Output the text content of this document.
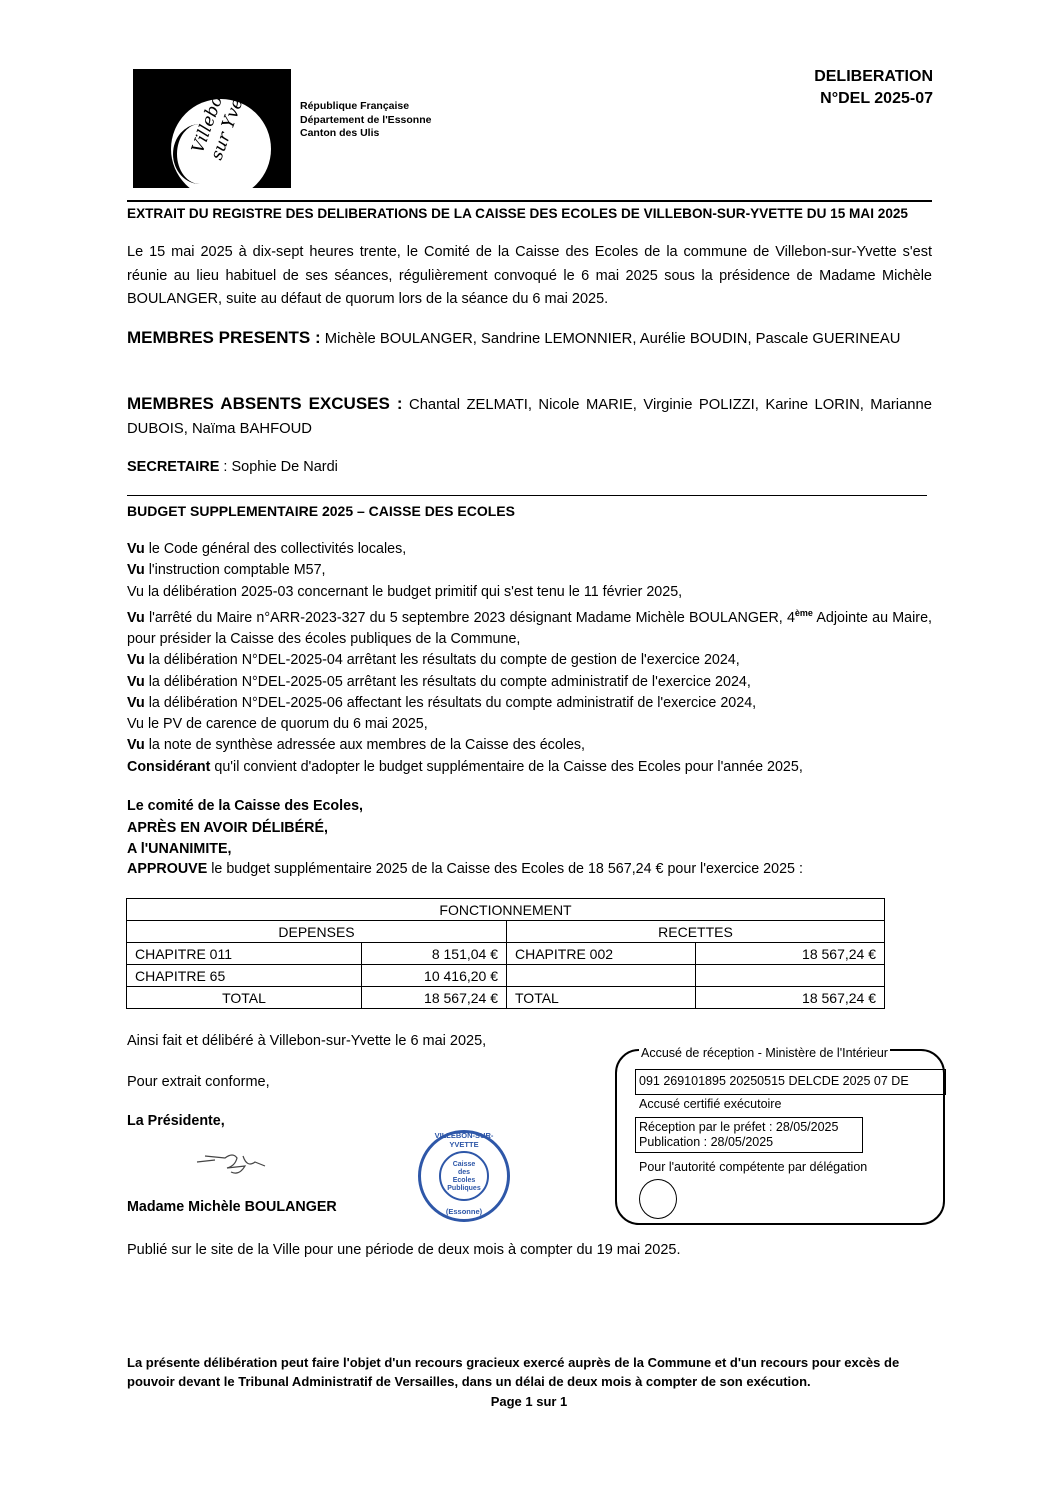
Villebon sur Yvette	République Française
Département de l'Essonne
Canton des Ulis
DELIBERATION
N°DEL 2025-07
EXTRAIT DU REGISTRE DES DELIBERATIONS DE LA CAISSE DES ECOLES DE VILLEBON-SUR-YVETTE DU 15 MAI 2025
Le 15 mai 2025 à dix-sept heures trente, le Comité de la Caisse des Ecoles de la commune de Villebon-sur-Yvette s'est réunie au lieu habituel de ses séances, régulièrement convoqué le 6 mai 2025 sous la présidence de Madame Michèle BOULANGER, suite au défaut de quorum lors de la séance du 6 mai 2025.
MEMBRES PRESENTS : Michèle BOULANGER, Sandrine LEMONNIER, Aurélie BOUDIN, Pascale GUERINEAU
MEMBRES ABSENTS EXCUSES : Chantal ZELMATI, Nicole MARIE, Virginie POLIZZI, Karine LORIN, Marianne DUBOIS, Naïma BAHFOUD
SECRETAIRE : Sophie De Nardi
BUDGET SUPPLEMENTAIRE 2025 – CAISSE DES ECOLES
Vu le Code général des collectivités locales,
Vu l'instruction comptable M57,
Vu la délibération 2025-03 concernant le budget primitif qui s'est tenu le 11 février 2025,
Vu l'arrêté du Maire n°ARR-2023-327 du 5 septembre 2023 désignant Madame Michèle BOULANGER, 4ème Adjointe au Maire, pour présider la Caisse des écoles publiques de la Commune,
Vu la délibération N°DEL-2025-04 arrêtant les résultats du compte de gestion de l'exercice 2024,
Vu la délibération N°DEL-2025-05 arrêtant les résultats du compte administratif de l'exercice 2024,
Vu la délibération N°DEL-2025-06 affectant les résultats du compte administratif de l'exercice 2024,
Vu le PV de carence de quorum du 6 mai 2025,
Vu la note de synthèse adressée aux membres de la Caisse des écoles,
Considérant qu'il convient d'adopter le budget supplémentaire de la Caisse des Ecoles pour l'année 2025,
Le comité de la Caisse des Ecoles,
APRÈS EN AVOIR DÉLIBÉRÉ,
A l'UNANIMITE,
APPROUVE le budget supplémentaire 2025 de la Caisse des Ecoles de 18 567,24 € pour l'exercice 2025 :
FONCTIONNEMENT			
DEPENSES		RECETTES	
CHAPITRE 011	8 151,04 €	CHAPITRE 002	18 567,24 €
CHAPITRE 65	10 416,20 €		
TOTAL	18 567,24 €	TOTAL	18 567,24 €
Ainsi fait et délibéré à Villebon-sur-Yvette le 6 mai 2025,
Pour extrait conforme,
La Présidente,
Madame Michèle BOULANGER
VILLEBON-SUR-YVETTE
Caisse
des
Ecoles
Publiques
(Essonne)
Accusé de réception - Ministère de l'Intérieur
091 269101895 20250515 DELCDE 2025 07 DE
Accusé certifié exécutoire
Réception par le préfet : 28/05/2025
Publication : 28/05/2025
Pour l'autorité compétente par délégation
Publié sur le site de la Ville pour une période de deux mois à compter du 19 mai 2025.
La présente délibération peut faire l'objet d'un recours gracieux exercé auprès de la Commune et d'un recours pour excès de pouvoir devant le Tribunal Administratif de Versailles, dans un délai de deux mois à compter de son exécution.
Page 1 sur 1
